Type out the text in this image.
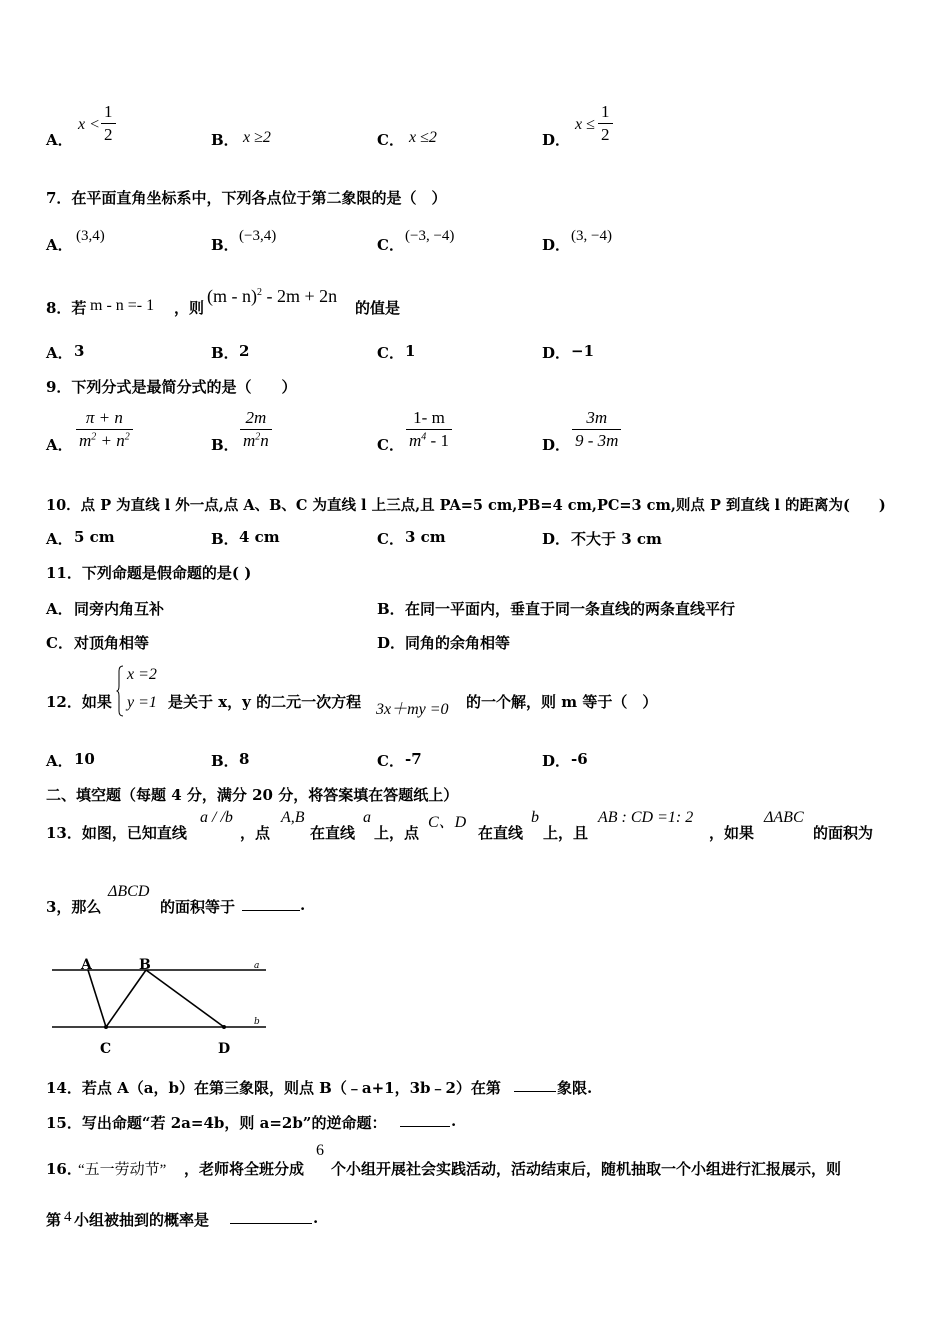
A．
$x < \frac{1}{2}$	B． x ≥2	C． x ≤2	D．
$x \le \frac{1}{2}$
7．在平面直角坐标系中，下列各点位于第二象限的是（　）
A． (3,4)	B． (−3,4)	C． (−3, −4)	D． (3, −4)
8．若 m - n =- 1 ，则
(m - n)$^2$ - 2m + 2n
的值是
A． 3	B． 2	C． 1	D． −1
9．下列分式是最简分式的是（　　）
A． $\frac{\pi + n}{m^2 + n^2}$	B． $\frac{2m}{m^2n}$	C． $\frac{1- m}{m^4 - 1}$	D． $\frac{3m}{9 - 3m}$
10．点 P 为直线 l 外一点,点 A、B、C 为直线 l 上三点,且 PA=5 cm,PB=4 cm,PC=3 cm,则点 P 到直线 l 的距离为(　　)
A． 5 cm	B． 4 cm	C． 3 cm	D． 不大于 3 cm
11．下列命题是假命题的是( )
A． 同旁内角互补	B． 在同一平面内，垂直于同一条直线的两条直线平行
C． 对顶角相等	D． 同角的余角相等
12．如果
x =2
y =1 是关于 x，y 的二元一次方程 3x＋my =0 的一个解，则 m 等于（　）
A． 10	B． 8	C． -7	D． -6
二、填空题（每题 4 分，满分 20 分，将答案填在答题纸上）
13．如图，已知直线
a / /b
，点
A,B
在直线
a
上，点
C、D
在直线
b
上，且
AB : CD =1: 2
，如果
ΔABC
的面积为
3，那么
ΔBCD
的面积等于	.
A	B
C	D
a
b
14．若点 A（a，b）在第三象限，则点 B（﹣a+1，3b﹣2）在第	象限.
15．写出命题“若 2a=4b，则 a=2b”的逆命题：	.
16．
“五一劳动节” ，老师将全班分成
6
个小组开展社会实践活动，活动结束后，随机抽取一个小组进行汇报展示，则
第 4 小组被抽到的概率是	.
